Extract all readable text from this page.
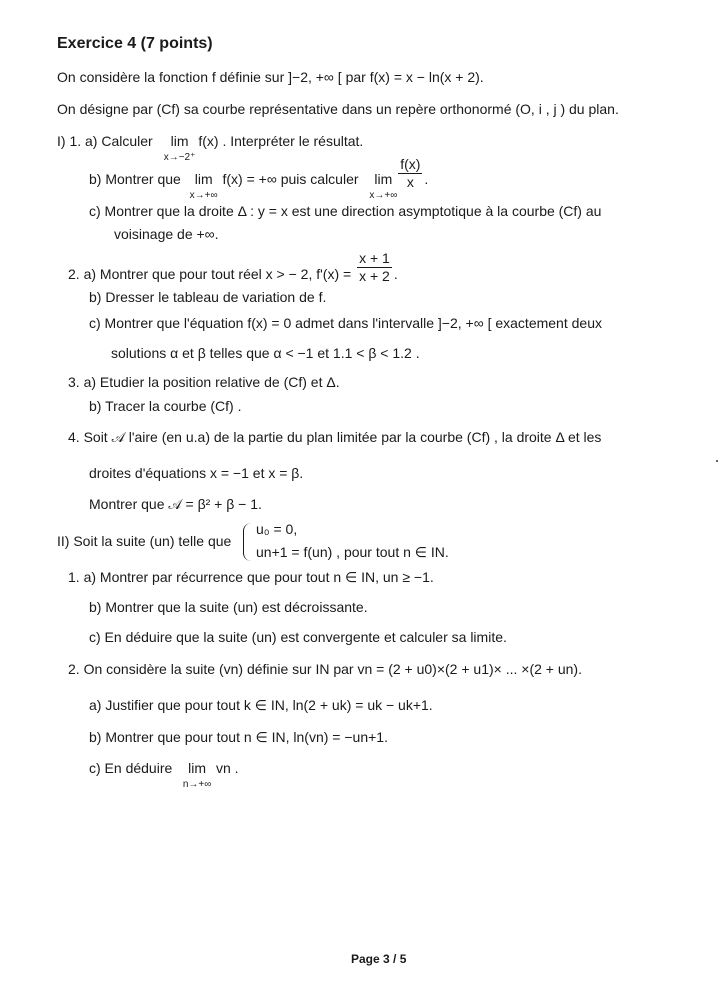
Exercice 4 (7 points)
On considère la fonction f définie sur ]−2, +∞ [ par f(x) = x − ln(x + 2).
On désigne par (Cf) sa courbe représentative dans un repère orthonormé (O, i , j ) du plan.
I) 1. a) Calculer lim
x→−2⁺
f(x) . Interpréter le résultat.
b) Montrer que lim
x→+∞
f(x) = +∞ puis calculer lim
x→+∞

$\frac{f(x)}{x}$ .
c) Montrer que la droite Δ : y = x est une direction asymptotique à la courbe (Cf) au
voisinage de +∞.
2. a) Montrer que pour tout réel x > − 2, $f'(x) = \frac{x + 1}{x + 2}$ .
b) Dresser le tableau de variation de f.
c) Montrer que l'équation f(x) = 0 admet dans l'intervalle ]−2, +∞ [ exactement deux
solutions α et β telles que α < −1 et 1.1 < β < 1.2 .
3. a) Etudier la position relative de (Cf) et Δ.
b) Tracer la courbe (Cf) .
4. Soit 𝒜 l'aire (en u.a) de la partie du plan limitée par la courbe (Cf) , la droite Δ et les
droites d'équations x = −1 et x = β.
Montrer que 𝒜 = β² + β − 1.
II) Soit la suite (un) telle que
u₀ = 0,
un+1 = f(un) , pour tout n ∈ IN.
1. a) Montrer par récurrence que pour tout n ∈ IN, un ≥ −1.
b) Montrer que la suite (un) est décroissante.
c) En déduire que la suite (un) est convergente et calculer sa limite.
2. On considère la suite (vn) définie sur IN par vn = (2 + u0)×(2 + u1)× ... ×(2 + un).
a) Justifier que pour tout k ∈ IN, ln(2 + uk) = uk − uk+1.
b) Montrer que pour tout n ∈ IN, ln(vn) = −un+1.
c) En déduire lim
n→+∞
vn .
Page 3 / 5
